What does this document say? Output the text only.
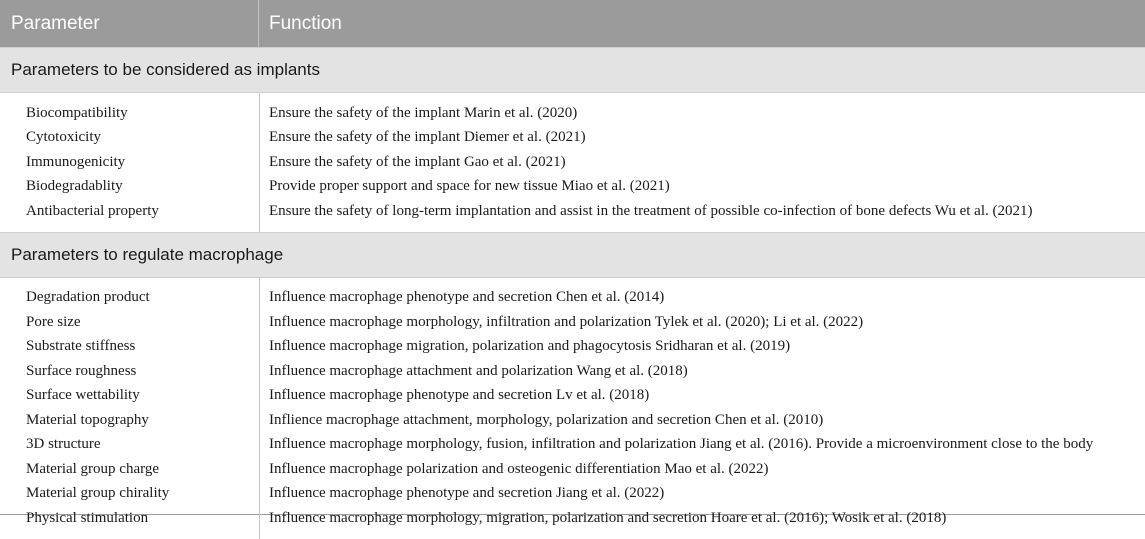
Parameter	Function
Parameters to be considered as implants
Biocompatibility	Ensure the safety of the implant Marin et al. (2020)
Cytotoxicity	Ensure the safety of the implant Diemer et al. (2021)
Immunogenicity	Ensure the safety of the implant Gao et al. (2021)
Biodegradablity	Provide proper support and space for new tissue Miao et al. (2021)
Antibacterial property	Ensure the safety of long-term implantation and assist in the treatment of possible co-infection of bone defects Wu et al. (2021)
Parameters to regulate macrophage
Degradation product	Influence macrophage phenotype and secretion Chen et al. (2014)
Pore size	Influence macrophage morphology, infiltration and polarization Tylek et al. (2020); Li et al. (2022)
Substrate stiffness	Influence macrophage migration, polarization and phagocytosis Sridharan et al. (2019)
Surface roughness	Influence macrophage attachment and polarization Wang et al. (2018)
Surface wettability	Influence macrophage phenotype and secretion Lv et al. (2018)
Material topography	Inflience macrophage attachment, morphology, polarization and secretion Chen et al. (2010)
3D structure	Influence macrophage morphology, fusion, infiltration and polarization Jiang et al. (2016). Provide a microenvironment close to the body
Material group charge	Influence macrophage polarization and osteogenic differentiation Mao et al. (2022)
Material group chirality	Influence macrophage phenotype and secretion Jiang et al. (2022)
Physical stimulation	Influence macrophage morphology, migration, polarization and secretion Hoare et al. (2016); Wosik et al. (2018)
